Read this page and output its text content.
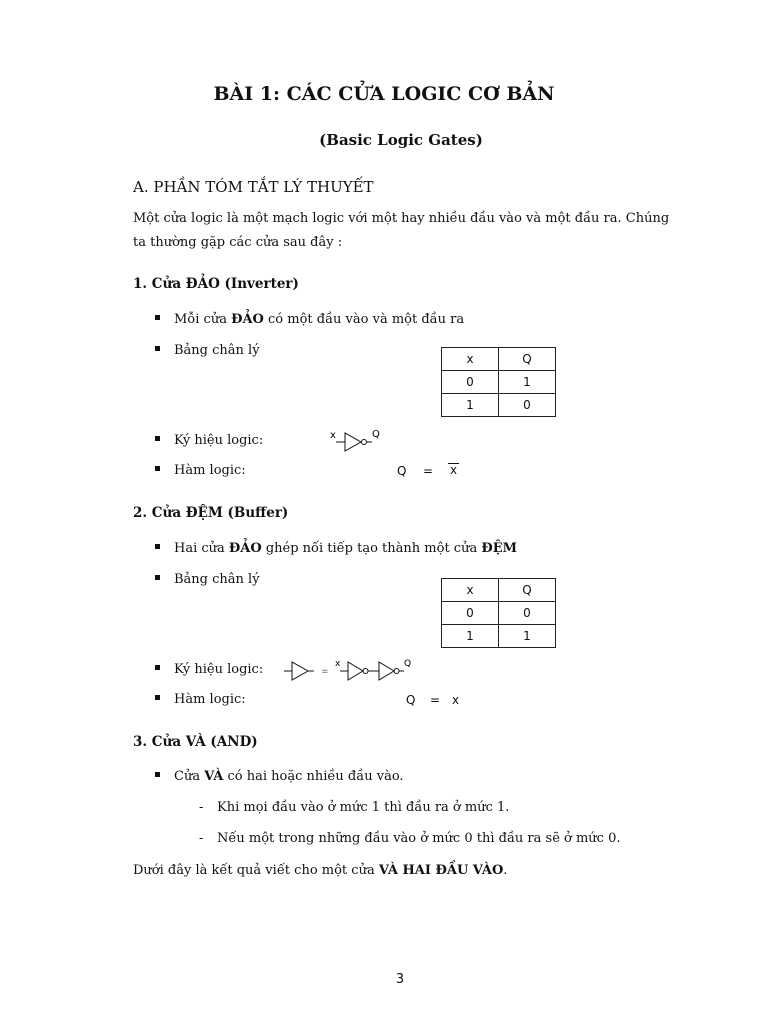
BÀI 1: CÁC CỬA LOGIC CƠ BẢN
(Basic Logic Gates)
A. PHẦN TÓM TẮT LÝ THUYẾT
Một cửa logic là một mạch logic với một hay nhiều đầu vào và một đầu ra. Chúng
ta thường gặp các cửa sau đây :
1. Cửa ĐẢO (Inverter)
Mỗi cửa ĐẢO có một đầu vào và một đầu ra
Bảng chân lý
x	Q
0	1
1	0
Ký hiệu logic:	x	Q
Hàm logic:	Q = x
2. Cửa ĐỆM (Buffer)
Hai cửa ĐẢO ghép nối tiếp tạo thành một cửa ĐỆM
Bảng chân lý
x	Q
0	0
1	1
Ký hiệu logic:	=
x	Q
Hàm logic:	Q = x
3. Cửa VÀ (AND)
Cửa VÀ có hai hoặc nhiều đầu vào.
- Khi mọi đầu vào ở mức 1 thì đầu ra ở mức 1.
- Nếu một trong những đầu vào ở mức 0 thì đầu ra sẽ ở mức 0.
Dưới đây là kết quả viết cho một cửa VÀ HAI ĐẦU VÀO.
3
